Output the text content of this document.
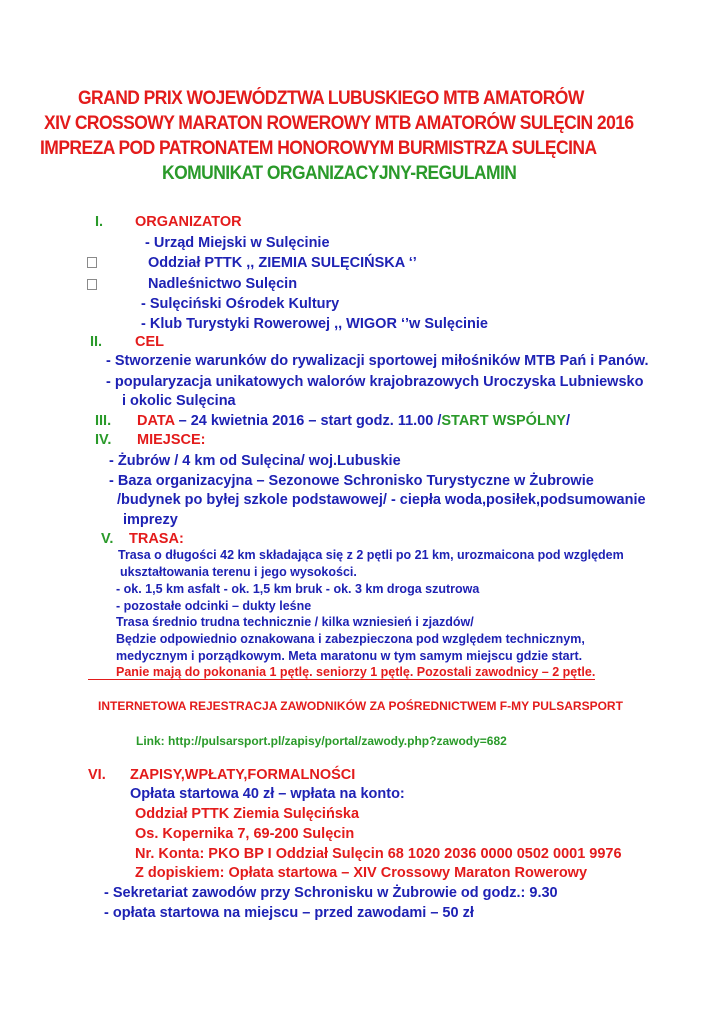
GRAND PRIX WOJEWÓDZTWA LUBUSKIEGO MTB AMATORÓW
XIV CROSSOWY MARATON ROWEROWY MTB AMATORÓW SULĘCIN 2016
IMPREZA POD PATRONATEM HONOROWYM BURMISTRZA SULĘCINA
KOMUNIKAT ORGANIZACYJNY-REGULAMIN
I. ORGANIZATOR
- Urząd Miejski w Sulęcinie
Oddział PTTK ,, ZIEMIA SULĘCIŃSKA ‘’
Nadleśnictwo Sulęcin
- Sulęciński Ośrodek Kultury
- Klub Turystyki Rowerowej ,, WIGOR ‘’w Sulęcinie
II. CEL
- Stworzenie warunków do rywalizacji sportowej miłośników MTB Pań i Panów.
- popularyzacja unikatowych walorów krajobrazowych Uroczyska Lubniewsko
i okolic Sulęcina
III. DATA – 24 kwietnia 2016 – start godz. 11.00 /START WSPÓLNY/
IV. MIEJSCE:
- Żubrów / 4 km od Sulęcina/ woj.Lubuskie
- Baza organizacyjna – Sezonowe Schronisko Turystyczne w Żubrowie
/budynek po byłej szkole podstawowej/ - ciepła woda,posiłek,podsumowanie
imprezy
V. TRASA:
Trasa o długości 42 km składająca się z 2 pętli po 21 km, urozmaicona pod względem
ukształtowania terenu i jego wysokości.
- ok. 1,5 km asfalt - ok. 1,5 km bruk - ok. 3 km droga szutrowa
- pozostałe odcinki – dukty leśne
Trasa średnio trudna technicznie / kilka wzniesień i zjazdów/
Będzie odpowiednio oznakowana i zabezpieczona pod względem technicznym,
medycznym i porządkowym. Meta maratonu w tym samym miejscu gdzie start.
Panie mają do pokonania 1 pętlę. seniorzy 1 pętlę. Pozostali zawodnicy – 2 pętle.
INTERNETOWA REJESTRACJA ZAWODNIKÓW ZA POŚREDNICTWEM F-MY PULSARSPORT
Link: http://pulsarsport.pl/zapisy/portal/zawody.php?zawody=682
VI. ZAPISY,WPŁATY,FORMALNOŚCI
Opłata startowa 40 zł – wpłata na konto:
Oddział PTTK Ziemia Sulęcińska
Os. Kopernika 7, 69-200 Sulęcin
Nr. Konta: PKO BP I Oddział Sulęcin 68 1020 2036 0000 0502 0001 9976
Z dopiskiem: Opłata startowa – XIV Crossowy Maraton Rowerowy
- Sekretariat zawodów przy Schronisku w Żubrowie od godz.: 9.30
- opłata startowa na miejscu – przed zawodami – 50 zł
